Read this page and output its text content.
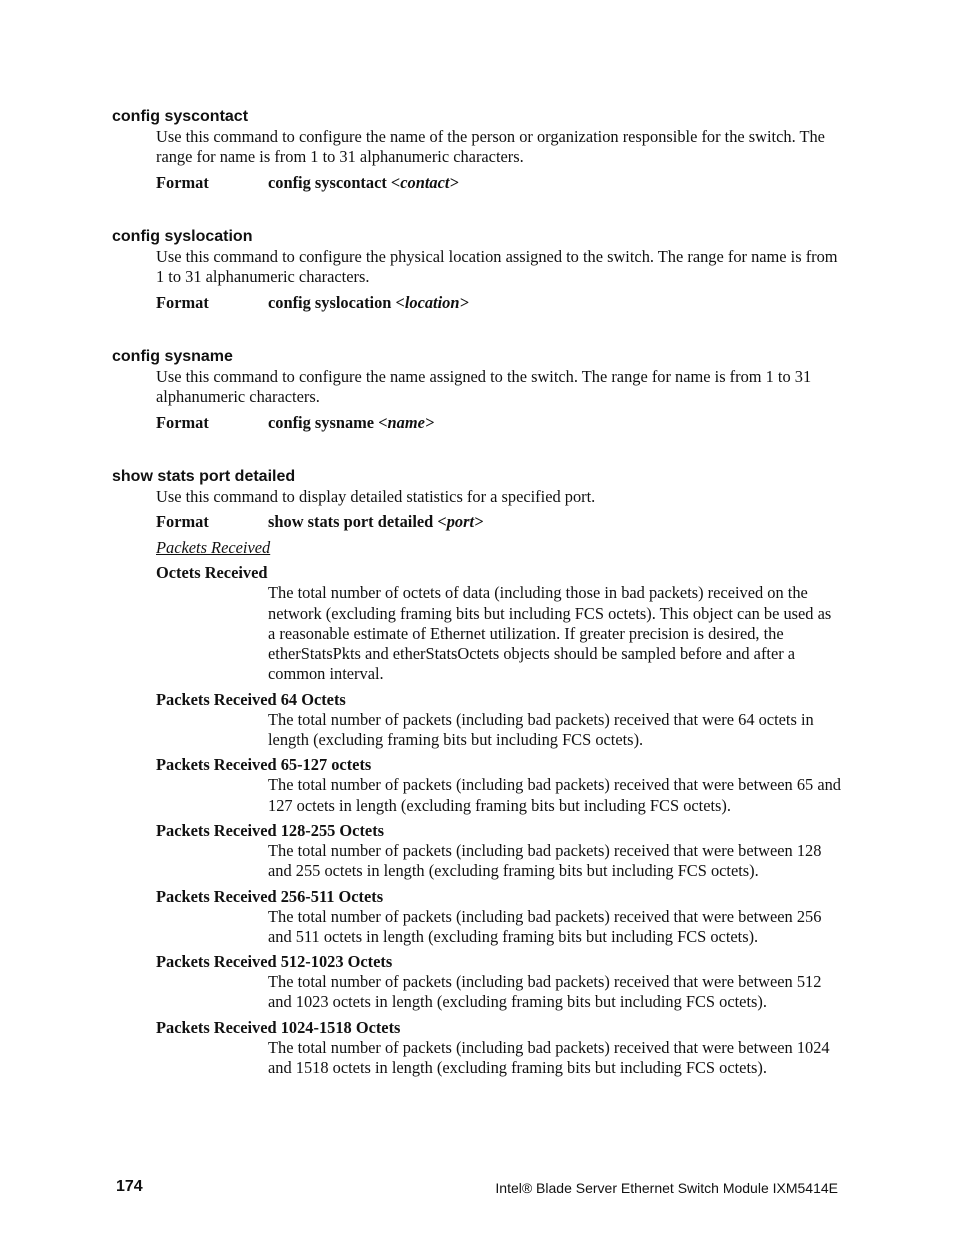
config syscontact

Use this command to configure the name of the person or organization responsible for the switch. The range for name is from 1 to 31 alphanumeric characters.

Format	config syscontact <contact>
config syslocation

Use this command to configure the physical location assigned to the switch. The range for name is from 1 to 31 alphanumeric characters.

Format	config syslocation <location>
config sysname

Use this command to configure the name assigned to the switch. The range for name is from 1 to 31 alphanumeric characters.

Format	config sysname <name>
show stats port detailed

Use this command to display detailed statistics for a specified port.

Format	show stats port detailed <port>
Packets Received
Octets Received
The total number of octets of data (including those in bad packets) received on the network (excluding framing bits but including FCS octets). This object can be used as a reasonable estimate of Ethernet utilization. If greater precision is desired, the etherStatsPkts and etherStatsOctets objects should be sampled before and after a common interval.
Packets Received 64 Octets
The total number of packets (including bad packets) received that were 64 octets in length (excluding framing bits but including FCS octets).
Packets Received 65-127 octets
The total number of packets (including bad packets) received that were between 65 and 127 octets in length (excluding framing bits but including FCS octets).
Packets Received 128-255 Octets
The total number of packets (including bad packets) received that were between 128 and 255 octets in length (excluding framing bits but including FCS octets).
Packets Received 256-511 Octets
The total number of packets (including bad packets) received that were between 256 and 511 octets in length (excluding framing bits but including FCS octets).
Packets Received 512-1023 Octets
The total number of packets (including bad packets) received that were between 512 and 1023 octets in length (excluding framing bits but including FCS octets).
Packets Received 1024-1518 Octets
The total number of packets (including bad packets) received that were between 1024 and 1518 octets in length (excluding framing bits but including FCS octets).
174	Intel® Blade Server Ethernet Switch Module IXM5414E
